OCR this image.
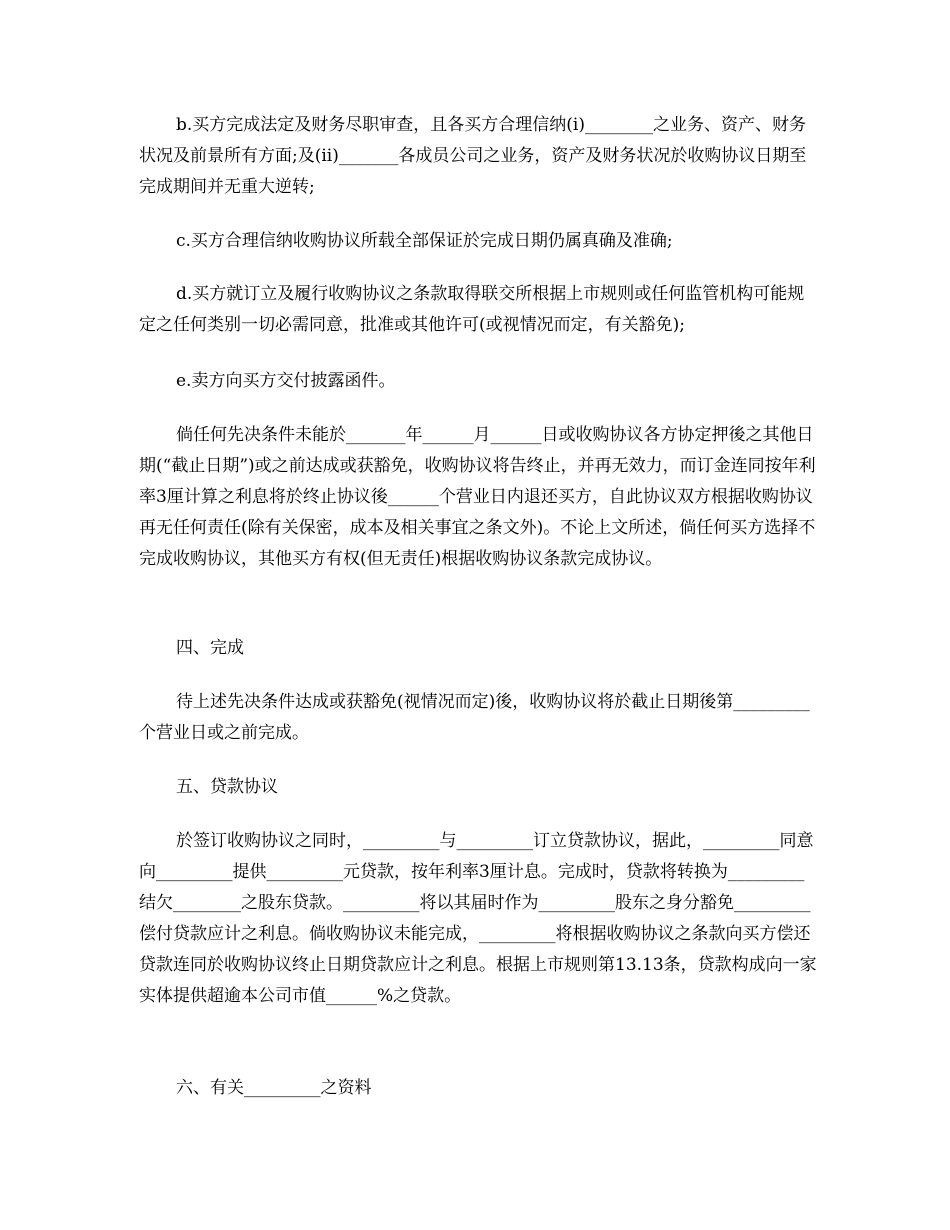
b.买方完成法定及财务尽职审查，且各买方合理信纳(i)________之业务、资产、财务状况及前景所有方面;及(ii)_______各成员公司之业务，资产及财务状况於收购协议日期至完成期间并无重大逆转;

c.买方合理信纳收购协议所载全部保证於完成日期仍属真确及准确;

d.买方就订立及履行收购协议之条款取得联交所根据上市规则或任何监管机构可能规定之任何类别一切必需同意，批准或其他许可(或视情况而定，有关豁免);

e.卖方向买方交付披露函件。

倘任何先决条件未能於_______年______月______日或收购协议各方协定押後之其他日期(“截止日期”)或之前达成或获豁免，收购协议将告终止，并再无效力，而订金连同按年利率3厘计算之利息将於终止协议後______个营业日内退还买方，自此协议双方根据收购协议再无任何责任(除有关保密，成本及相关事宜之条文外)。不论上文所述，倘任何买方选择不完成收购协议，其他买方有权(但无责任)根据收购协议条款完成协议。

四、完成

待上述先决条件达成或获豁免(视情况而定)後，收购协议将於截止日期後第_________个营业日或之前完成。

五、贷款协议

於签订收购协议之同时，_________与_________订立贷款协议，据此，_________同意向_________提供_________元贷款，按年利率3厘计息。完成时，贷款将转换为_________结欠________之股东贷款。_________将以其届时作为_________股东之身分豁免_________偿付贷款应计之利息。倘收购协议未能完成，_________将根据收购协议之条款向买方偿还贷款连同於收购协议终止日期贷款应计之利息。根据上市规则第13.13条，贷款构成向一家实体提供超逾本公司市值______%之贷款。

六、有关_________之资料
